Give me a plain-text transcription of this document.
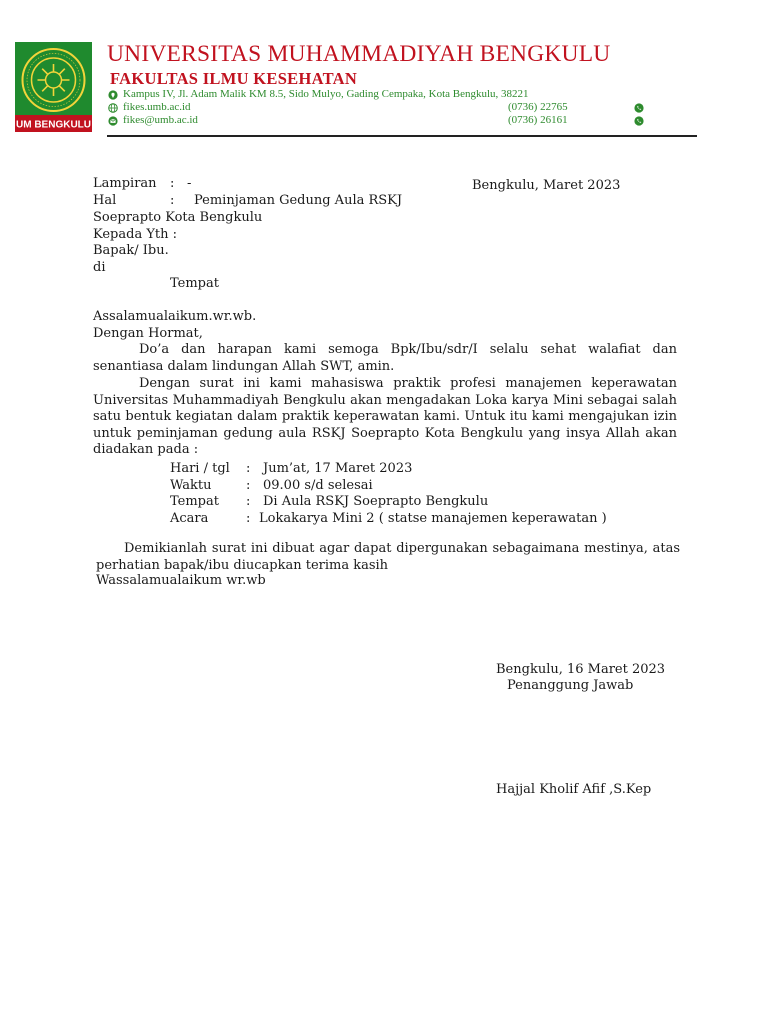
UM BENGKULU
UNIVERSITAS MUHAMMADIYAH BENGKULU
FAKULTAS ILMU KESEHATAN
Kampus IV, Jl. Adam Malik KM 8.5, Sido Mulyo, Gading Cempaka, Kota Bengkulu, 38221
fikes.umb.ac.id	(0736) 22765
fikes@umb.ac.id	(0736) 26161
Lampiran : -	Bengkulu, Maret 2023
Hal	: Peminjaman Gedung Aula RSKJ
Soeprapto Kota Bengkulu
Kepada Yth :
Bapak/ Ibu.
di
Tempat
Assalamualaikum.wr.wb.
Dengan Hormat,
Do’a dan harapan kami semoga Bpk/Ibu/sdr/I selalu sehat walafiat dan senantiasa dalam lindungan Allah SWT, amin.
Dengan surat ini kami mahasiswa praktik profesi manajemen keperawatan Universitas Muhammadiyah Bengkulu akan mengadakan Loka karya Mini sebagai salah satu bentuk kegiatan dalam praktik keperawatan kami. Untuk itu kami mengajukan izin untuk peminjaman gedung aula RSKJ Soeprapto Kota Bengkulu yang insya Allah akan diadakan pada :
Hari / tgl : Jum’at, 17 Maret 2023
Waktu	: 09.00 s/d selesai
Tempat : Di Aula RSKJ Soeprapto Bengkulu
Acara	: Lokakarya Mini 2 ( statse manajemen keperawatan )
Demikianlah surat ini dibuat agar dapat dipergunakan sebagaimana mestinya, atas perhatian bapak/ibu diucapkan terima kasih
Wassalamualaikum wr.wb
Bengkulu, 16 Maret 2023
Penanggung Jawab
Hajjal Kholif Afif ,S.Kep
